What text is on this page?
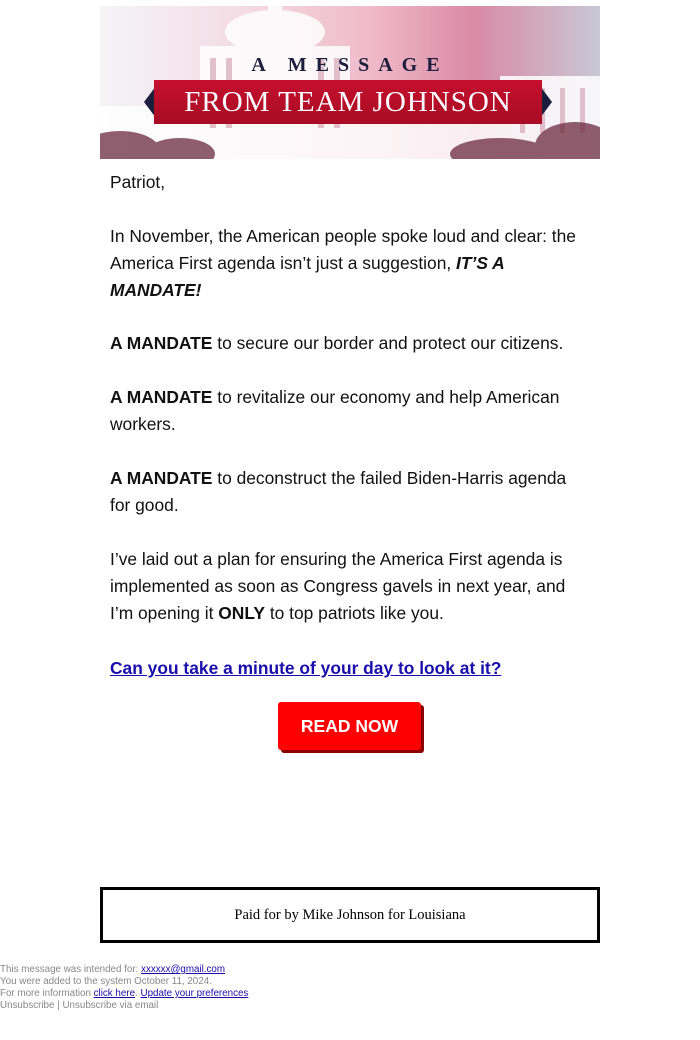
A MESSAGE
FROM TEAM JOHNSON
Patriot,
In November, the American people spoke loud and clear: the America First agenda isn’t just a suggestion, IT’S A MANDATE!
A MANDATE to secure our border and protect our citizens.
A MANDATE to revitalize our economy and help American workers.
A MANDATE to deconstruct the failed Biden-Harris agenda for good.
I’ve laid out a plan for ensuring the America First agenda is implemented as soon as Congress gavels in next year, and I’m opening it ONLY to top patriots like you.
Can you take a minute of your day to look at it?
READ NOW
Paid for by Mike Johnson for Louisiana
This message was intended for: xxxxxx@gmail.com
You were added to the system October 11, 2024.
For more information click here. Update your preferences
Unsubscribe | Unsubscribe via email
